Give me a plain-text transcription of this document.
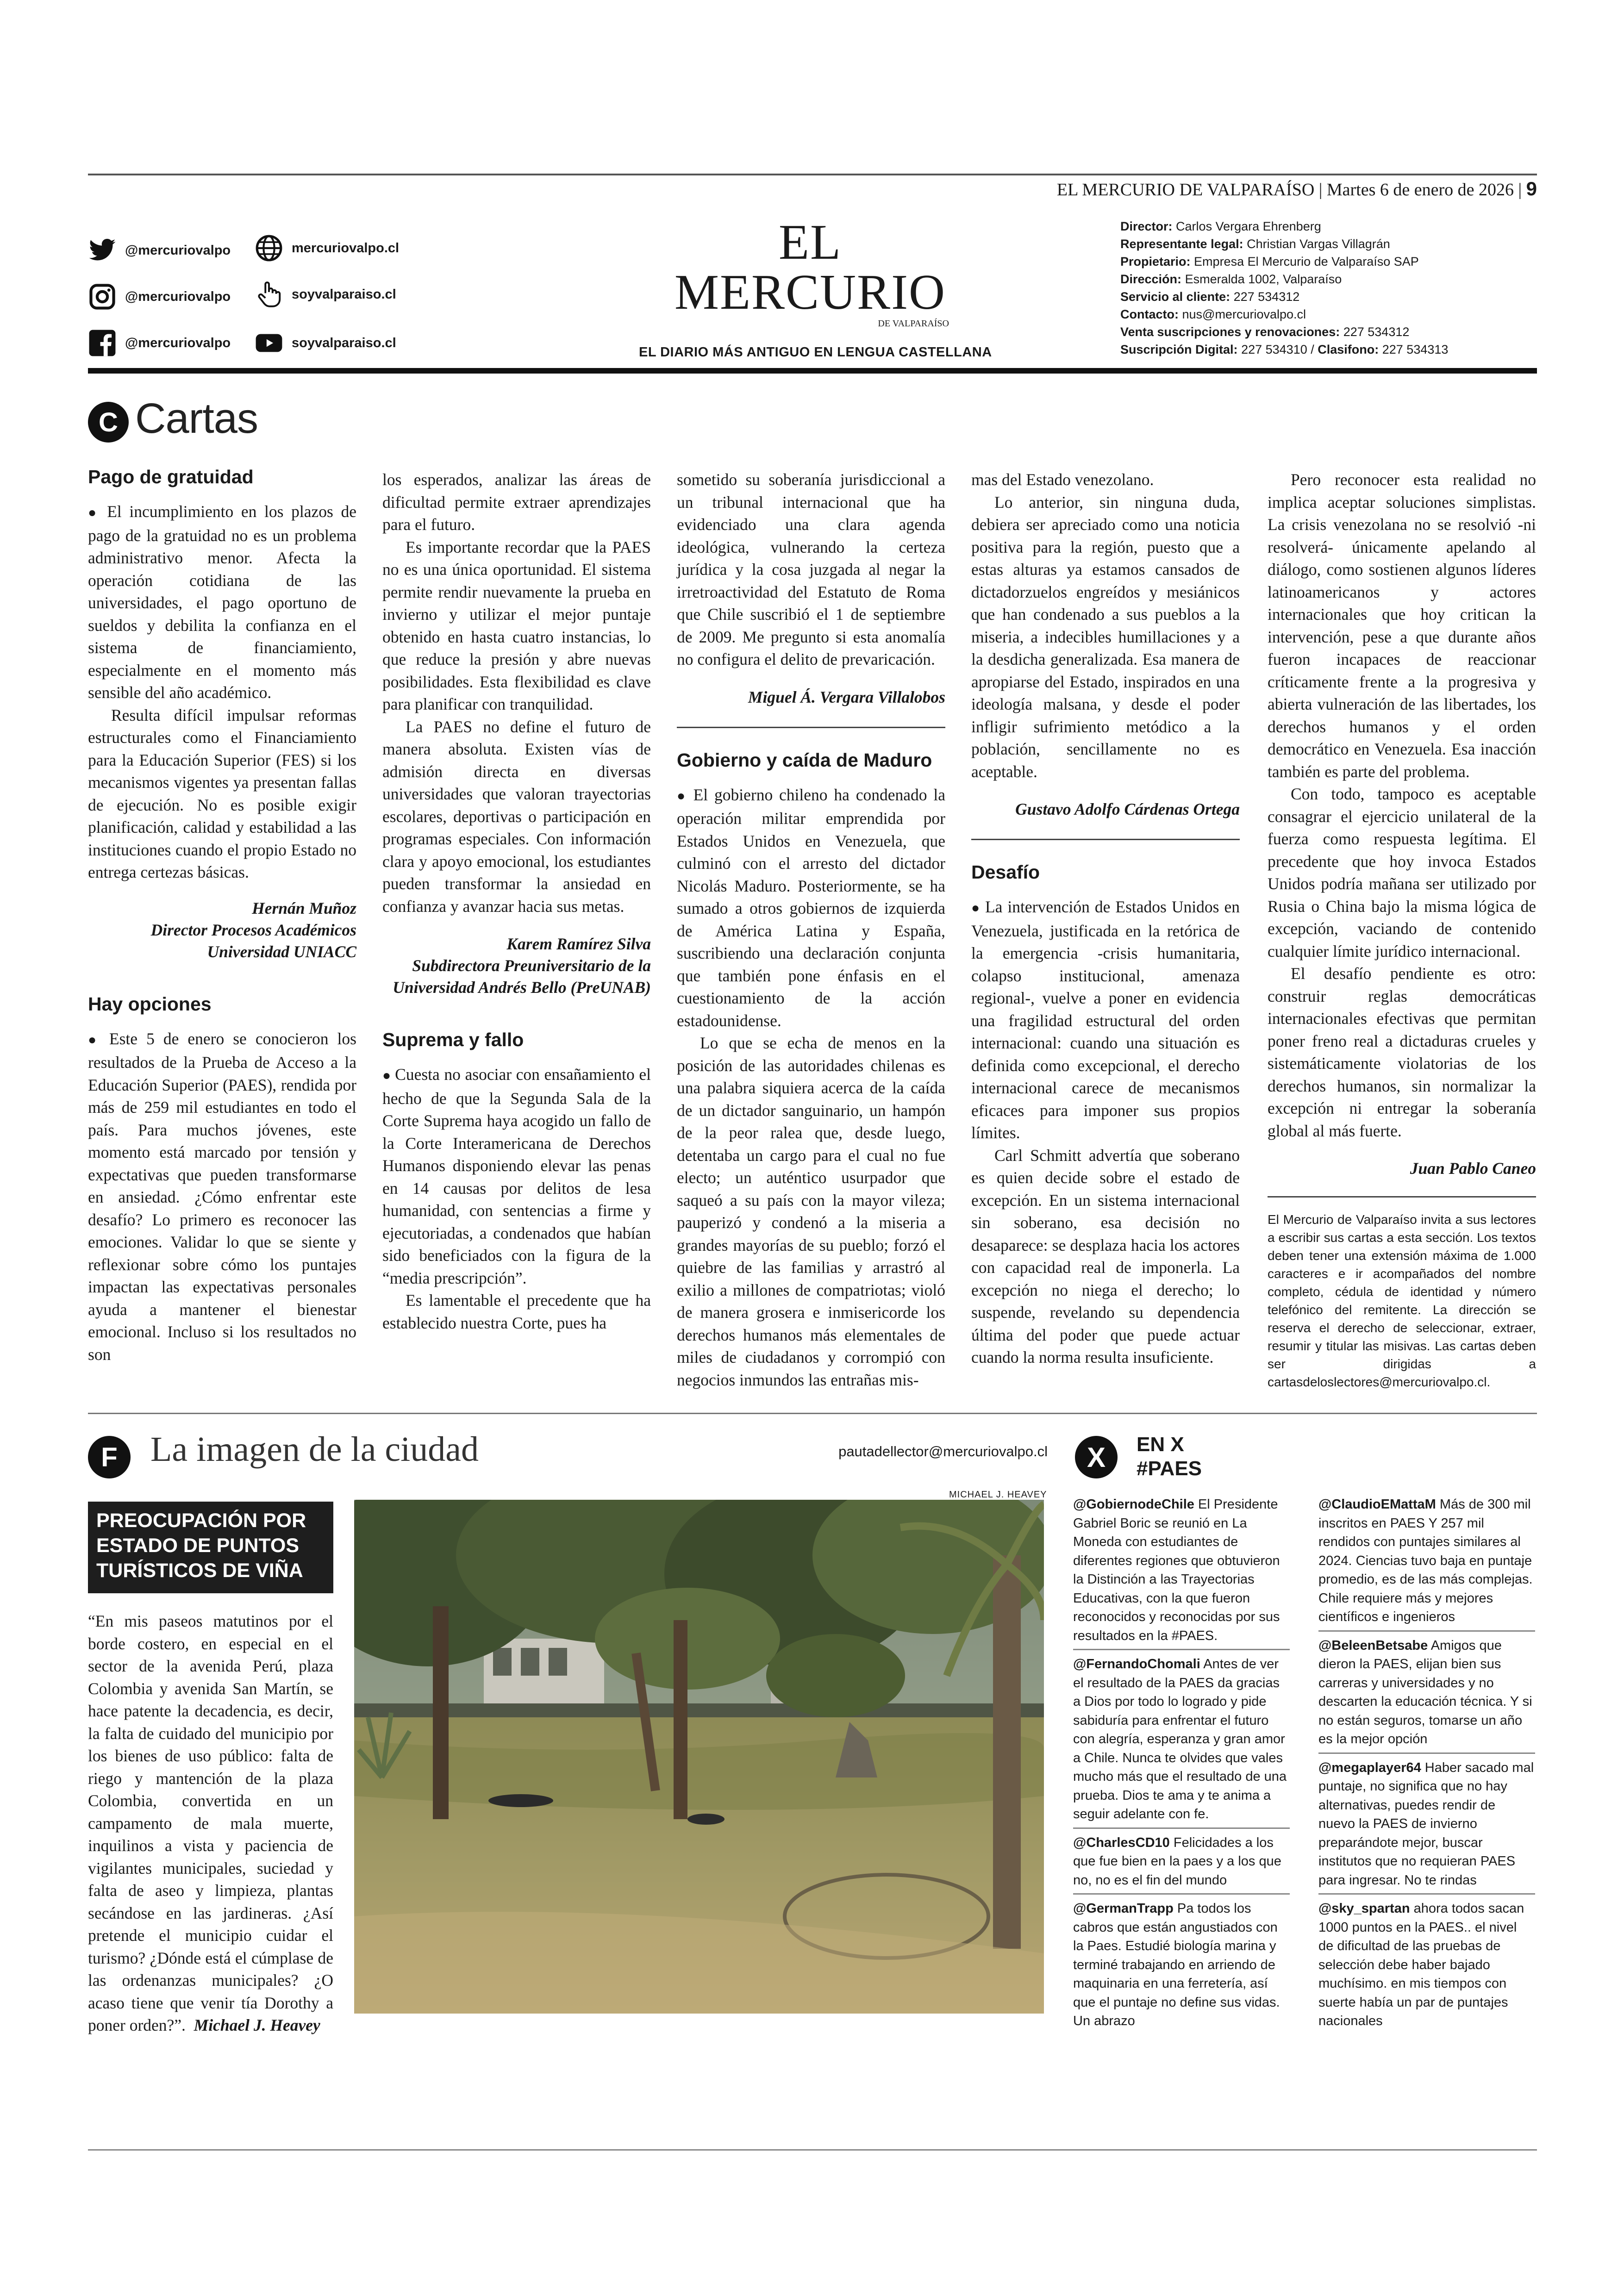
EL MERCURIO DE VALPARAÍSO | Martes 6 de enero de 2026 | 9
@mercuriovalpo	mercuriovalpo.cl
@mercuriovalpo	soyvalparaiso.cl
@mercuriovalpo	soyvalparaiso.cl
EL MERCURIO
DE VALPARAÍSO
EL DIARIO MÁS ANTIGUO EN LENGUA CASTELLANA
Director: Carlos Vergara Ehrenberg
Representante legal: Christian Vargas Villagrán
Propietario: Empresa El Mercurio de Valparaíso SAP
Dirección: Esmeralda 1002, Valparaíso
Servicio al cliente: 227 534312
Contacto: nus@mercuriovalpo.cl
Venta suscripciones y renovaciones: 227 534312
Suscripción Digital: 227 534310 / Clasifono: 227 534313
C Cartas
Pago de gratuidad

● El incumplimiento en los plazos de pago de la gratuidad no es un problema administrativo menor. Afecta la operación cotidiana de las universidades, el pago oportuno de sueldos y debilita la confianza en el sistema de financiamiento, especialmente en el momento más sensible del año académico.

Resulta difícil impulsar reformas estructurales como el Financiamiento para la Educación Superior (FES) si los mecanismos vigentes ya presentan fallas de ejecución. No es posible exigir planificación, calidad y estabilidad a las instituciones cuando el propio Estado no entrega certezas básicas.

Hernán Muñoz
Director Procesos Académicos
Universidad UNIACC
Hay opciones

● Este 5 de enero se conocieron los resultados de la Prueba de Acceso a la Educación Superior (PAES), rendida por más de 259 mil estudiantes en todo el país. Para muchos jóvenes, este momento está marcado por tensión y expectativas que pueden transformarse en ansiedad. ¿Cómo enfrentar este desafío? Lo primero es reconocer las emociones. Validar lo que se siente y reflexionar sobre cómo los puntajes impactan las expectativas personales ayuda a mantener el bienestar emocional. Incluso si los resultados no son

los esperados, analizar las áreas de dificultad permite extraer aprendizajes para el futuro.

Es importante recordar que la PAES no es una única oportunidad. El sistema permite rendir nuevamente la prueba en invierno y utilizar el mejor puntaje obtenido en hasta cuatro instancias, lo que reduce la presión y abre nuevas posibilidades. Esta flexibilidad es clave para planificar con tranquilidad.

La PAES no define el futuro de manera absoluta. Existen vías de admisión directa en diversas universidades que valoran trayectorias escolares, deportivas o participación en programas especiales. Con información clara y apoyo emocional, los estudiantes pueden transformar la ansiedad en confianza y avanzar hacia sus metas.

Karem Ramírez Silva
Subdirectora Preuniversitario de la Universidad Andrés Bello (PreUNAB)
Suprema y fallo

● Cuesta no asociar con ensañamiento el hecho de que la Segunda Sala de la Corte Suprema haya acogido un fallo de la Corte Interamericana de Derechos Humanos disponiendo elevar las penas en 14 causas por delitos de lesa humanidad, con sentencias a firme y ejecutoriadas, a condenados que habían sido beneficiados con la figura de la “media prescripción”.

Es lamentable el precedente que ha establecido nuestra Corte, pues ha

sometido su soberanía jurisdiccional a un tribunal internacional que ha evidenciado una clara agenda ideológica, vulnerando la certeza jurídica y la cosa juzgada al negar la irretroactividad del Estatuto de Roma que Chile suscribió el 1 de septiembre de 2009. Me pregunto si esta anomalía no configura el delito de prevaricación.

Miguel Á. Vergara Villalobos
Gobierno y caída de Maduro

● El gobierno chileno ha condenado la operación militar emprendida por Estados Unidos en Venezuela, que culminó con el arresto del dictador Nicolás Maduro. Posteriormente, se ha sumado a otros gobiernos de izquierda de América Latina y España, suscribiendo una declaración conjunta que también pone énfasis en el cuestionamiento de la acción estadounidense.

Lo que se echa de menos en la posición de las autoridades chilenas es una palabra siquiera acerca de la caída de un dictador sanguinario, un hampón de la peor ralea que, desde luego, detentaba un cargo para el cual no fue electo; un auténtico usurpador que saqueó a su país con la mayor vileza; pauperizó y condenó a la miseria a grandes mayorías de su pueblo; forzó el quiebre de las familias y arrastró al exilio a millones de compatriotas; violó de manera grosera e inmisericorde los derechos humanos más elementales de miles de ciudadanos y corrompió con negocios inmundos las entrañas mis-

mas del Estado venezolano.

Lo anterior, sin ninguna duda, debiera ser apreciado como una noticia positiva para la región, puesto que a estas alturas ya estamos cansados de dictadorzuelos engreídos y mesiánicos que han condenado a sus pueblos a la miseria, a indecibles humillaciones y a la desdicha generalizada. Esa manera de apropiarse del Estado, inspirados en una ideología malsana, y desde el poder infligir sufrimiento metódico a la población, sencillamente no es aceptable.

Gustavo Adolfo Cárdenas Ortega
Desafío

● La intervención de Estados Unidos en Venezuela, justificada en la retórica de la emergencia -crisis humanitaria, colapso institucional, amenaza regional-, vuelve a poner en evidencia una fragilidad estructural del orden internacional: cuando una situación es definida como excepcional, el derecho internacional carece de mecanismos eficaces para imponer sus propios límites.

Carl Schmitt advertía que soberano es quien decide sobre el estado de excepción. En un sistema internacional sin soberano, esa decisión no desaparece: se desplaza hacia los actores con capacidad real de imponerla. La excepción no niega el derecho; lo suspende, revelando su dependencia última del poder que puede actuar cuando la norma resulta insuficiente.

Pero reconocer esta realidad no implica aceptar soluciones simplistas. La crisis venezolana no se resolvió -ni resolverá- únicamente apelando al diálogo, como sostienen algunos líderes latinoamericanos y actores internacionales que hoy critican la intervención, pese a que durante años fueron incapaces de reaccionar críticamente frente a la progresiva y abierta vulneración de las libertades, los derechos humanos y el orden democrático en Venezuela. Esa inacción también es parte del problema.

Con todo, tampoco es aceptable consagrar el ejercicio unilateral de la fuerza como respuesta legítima. El precedente que hoy invoca Estados Unidos podría mañana ser utilizado por Rusia o China bajo la misma lógica de excepción, vaciando de contenido cualquier límite jurídico internacional.

El desafío pendiente es otro: construir reglas democráticas internacionales efectivas que permitan poner freno real a dictaduras crueles y sistemáticamente violatorias de los derechos humanos, sin normalizar la excepción ni entregar la soberanía global al más fuerte.

Juan Pablo Caneo
El Mercurio de Valparaíso invita a sus lectores a escribir sus cartas a esta sección. Los textos deben tener una extensión máxima de 1.000 caracteres e ir acompañados del nombre completo, cédula de identidad y número telefónico del remitente. La dirección se reserva el derecho de seleccionar, extraer, resumir y titular las misivas. Las cartas deben ser dirigidas a cartasdeloslectores@mercuriovalpo.cl.
F La imagen de la ciudad	pautadellector@mercuriovalpo.cl
MICHAEL J. HEAVEY
PREOCUPACIÓN POR ESTADO DE PUNTOS TURÍSTICOS DE VIÑA
“En mis paseos matutinos por el borde costero, en especial en el sector de la avenida Perú, plaza Colombia y avenida San Martín, se hace patente la decadencia, es decir, la falta de cuidado del municipio por los bienes de uso público: falta de riego y mantención de la plaza Colombia, convertida en un campamento de mala muerte, inquilinos a vista y paciencia de vigilantes municipales, suciedad y falta de aseo y limpieza, plantas secándose en las jardineras. ¿Así pretende el municipio cuidar el turismo? ¿Dónde está el cúmplase de las ordenanzas municipales? ¿O acaso tiene que venir tía Dorothy a poner orden?”. Michael J. Heavey
X	EN X
#PAES
@GobiernodeChile El Presidente Gabriel Boric se reunió en La Moneda con estudiantes de diferentes regiones que obtuvieron la Distinción a las Trayectorias Educativas, con la que fueron reconocidos y reconocidas por sus resultados en la #PAES.
@FernandoChomali Antes de ver el resultado de la PAES da gracias a Dios por todo lo logrado y pide sabiduría para enfrentar el futuro con alegría, esperanza y gran amor a Chile. Nunca te olvides que vales mucho más que el resultado de una prueba. Dios te ama y te anima a seguir adelante con fe.
@CharlesCD10 Felicidades a los que fue bien en la paes y a los que no, no es el fin del mundo
@GermanTrapp Pa todos los cabros que están angustiados con la Paes. Estudié biología marina y terminé trabajando en arriendo de maquinaria en una ferretería, así que el puntaje no define sus vidas. Un abrazo
@ClaudioEMattaM Más de 300 mil inscritos en PAES Y 257 mil rendidos con puntajes similares al 2024. Ciencias tuvo baja en puntaje promedio, es de las más complejas. Chile requiere más y mejores científicos e ingenieros
@BeleenBetsabe Amigos que dieron la PAES, elijan bien sus carreras y universidades y no descarten la educación técnica. Y si no están seguros, tomarse un año es la mejor opción
@megaplayer64 Haber sacado mal puntaje, no significa que no hay alternativas, puedes rendir de nuevo la PAES de invierno preparándote mejor, buscar institutos que no requieran PAES para ingresar. No te rindas
@sky_spartan ahora todos sacan 1000 puntos en la PAES.. el nivel de dificultad de las pruebas de selección debe haber bajado muchísimo. en mis tiempos con suerte había un par de puntajes nacionales
